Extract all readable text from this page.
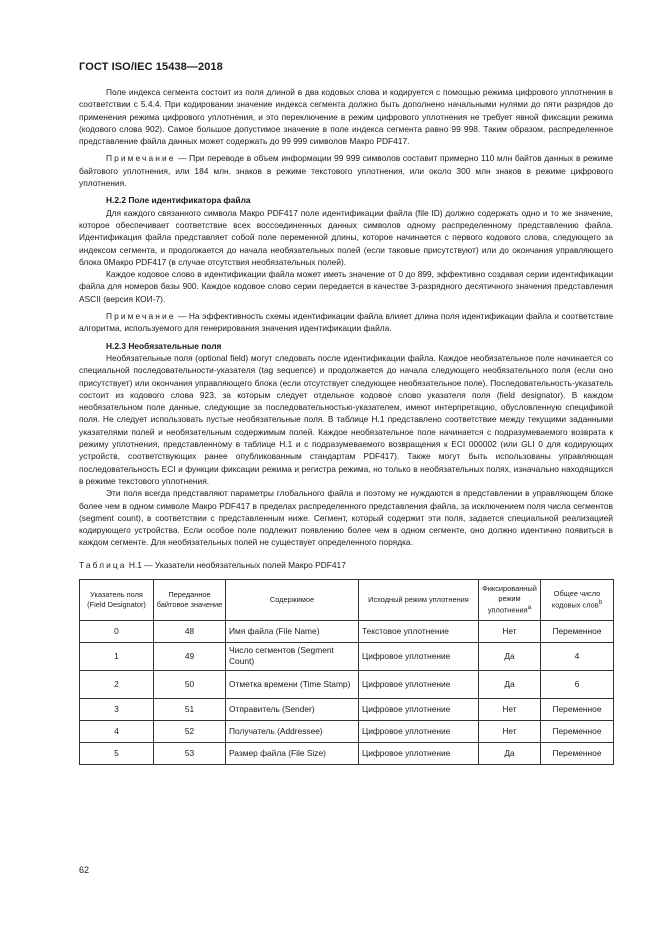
ГОСТ ISO/IEC 15438—2018

Поле индекса сегмента состоит из поля длиной в два кодовых слова и кодируется с помощью режима цифрового уплотнения в соответствии с 5.4.4. При кодировании значение индекса сегмента должно быть дополнено начальными нулями до пяти разрядов до применения режима цифрового уплотнения, и это переключение в режим цифрового уплотнения не требует явной фиксации режима (кодового слова 902). Самое большое допустимое значение в поле индекса сегмента равно 99 998. Таким образом, распределенное представление файла данных может содержать до 99 999 символов Макро PDF417.

Примечание — При переводе в объем информации 99 999 символов составит примерно 110 млн байтов данных в режиме байтового уплотнения, или 184 млн. знаков в режиме текстового уплотнения, или около 300 млн знаков в режиме цифрового уплотнения.

Н.2.2 Поле идентификатора файла

Для каждого связанного символа Макро PDF417 поле идентификации файла (file ID) должно содержать одно и то же значение, которое обеспечивает соответствие всех воссоединенных данных символов одному распределенному представлению файла. Идентификация файла представляет собой поле переменной длины, которое начинается с первого кодового слова, следующего за индексом сегмента, и продолжается до начала необязательных полей (если таковые присутствуют) или до окончания управляющего блока 0Макро PDF417 (в случае отсутствия необязательных полей).

Каждое кодовое слово в идентификации файла может иметь значение от 0 до 899, эффективно создавая серии идентификации файла для номеров базы 900. Каждое кодовое слово серии передается в качестве 3-разрядного десятичного значения представления ASCII (версия КОИ-7).

Примечание — На эффективность схемы идентификации файла влияет длина поля идентификации файла и соответствие алгоритма, используемого для генерирования значения идентификации файла.

Н.2.3 Необязательные поля

Необязательные поля (optional field) могут следовать после идентификации файла. Каждое необязательное поле начинается со специальной последовательности-указателя (tag sequence) и продолжается до начала следующего необязательного поля (если оно присутствует) или окончания управляющего блока (если отсутствует следующее необязательное поле). Последовательность-указатель состоит из кодового слова 923, за которым следует отдельное кодовое слово указателя поля (field designator). В каждом необязательном поле данные, следующие за последовательностью-указателем, имеют интерпретацию, обусловленную спецификой поля. Не следует использовать пустые необязательные поля. В таблице Н.1 представлено соответствие между текущими заданными указателями полей и необязательным содержимым полей. Каждое необязательное поле начинается с подразумеваемого возврата к режиму уплотнения, представленному в таблице Н.1 и с подразумеваемого возвращения к ECI 000002 (или GLI 0 для кодирующих устройств, соответствующих ранее опубликованным стандартам PDF417). Также могут быть использованы управляющая последовательность ECI и функции фиксации режима и регистра режима, но только в необязательных полях, изначально находящихся в режиме текстового уплотнения.

Эти поля всегда представляют параметры глобального файла и поэтому не нуждаются в представлении в управляющем блоке более чем в одном символе Макро PDF417 в пределах распределенного представления файла, за исключением поля числа сегментов (segment count), в соответствии с представленным ниже. Сегмент, который содержит эти поля, задается специальной реализацией кодирующего устройства. Если особое поле подлежит появлению более чем в одном сегменте, оно должно идентично появиться в каждом сегменте. Для необязательных полей не существует определенного порядка.

Таблица Н.1 — Указатели необязательных полей Макро PDF417
Указатель поля (Field Designator)	Переданное байтовое значение	Содержимое	Исходный режим уплотнения	Фиксированный режим уплотнения$^a$	Общее число кодовых слов$^b$
0	48	Имя файла (File Name)	Текстовое уплотнение	Нет	Переменное
1	49	Число сегментов (Segment Count)	Цифровое уплотнение	Да	4
2	50	Отметка времени (Time Stamp)	Цифровое уплотнение	Да	6
3	51	Отправитель (Sender)	Цифровое уплотнение	Нет	Переменное
4	52	Получатель (Addressee)	Цифровое уплотнение	Нет	Переменное
5	53	Размер файла (File Size)	Цифровое уплотнение	Да	Переменное
62
